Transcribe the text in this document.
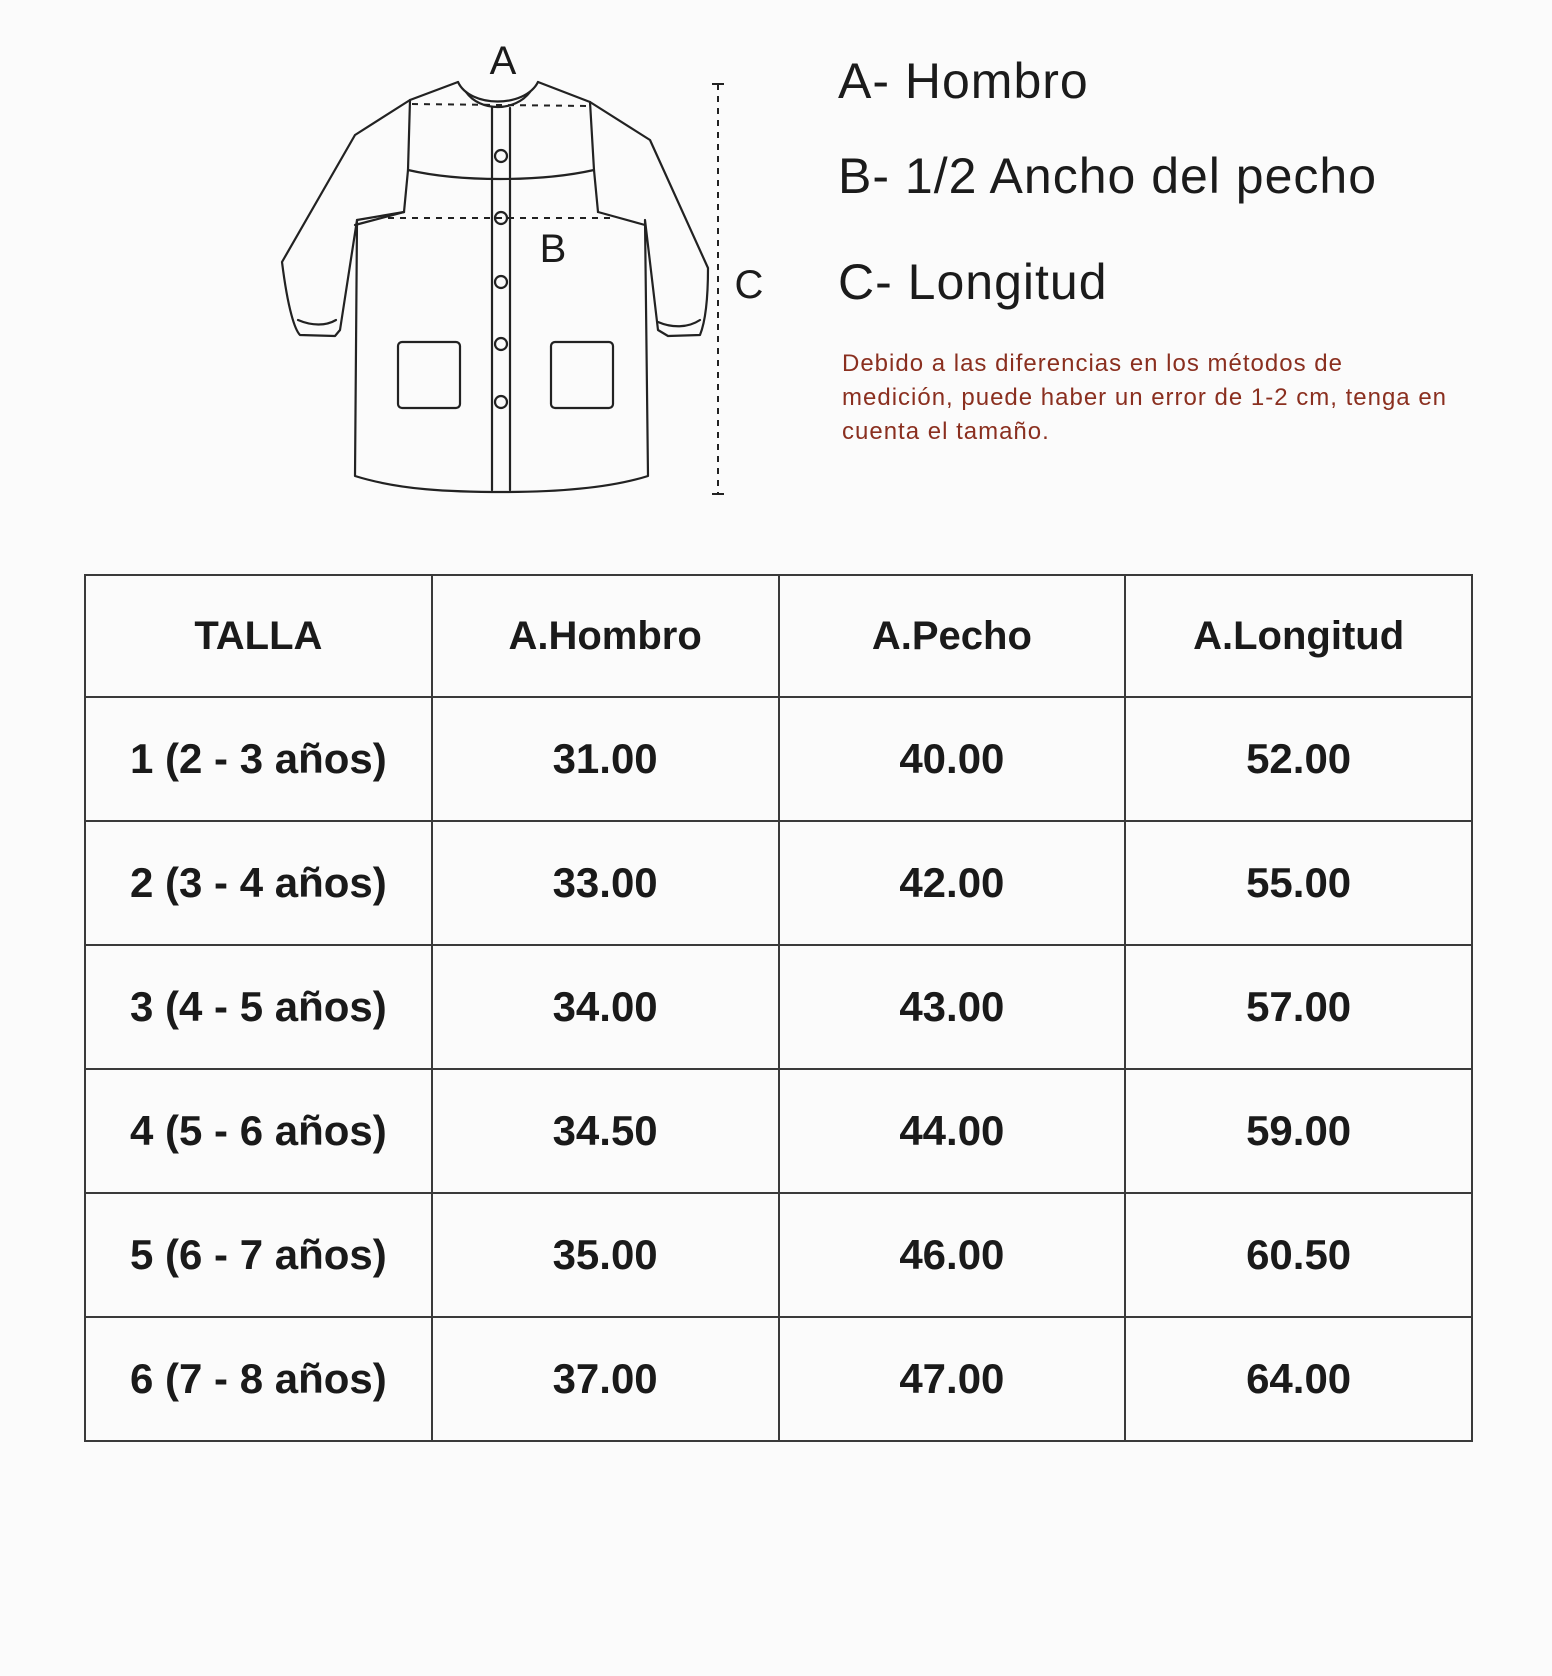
A
B
C
A- Hombro
B- 1/2 Ancho del pecho
C- Longitud
Debido a las diferencias en los métodos de medición, puede haber un error de 1-2 cm, tenga en cuenta el tamaño.
TALLA	A.Hombro	A.Pecho	A.Longitud
1 (2 - 3 años)	31.00	40.00	52.00
2 (3 - 4 años)	33.00	42.00	55.00
3 (4 - 5 años)	34.00	43.00	57.00
4 (5 - 6 años)	34.50	44.00	59.00
5 (6 - 7 años)	35.00	46.00	60.50
6 (7 - 8 años)	37.00	47.00	64.00
